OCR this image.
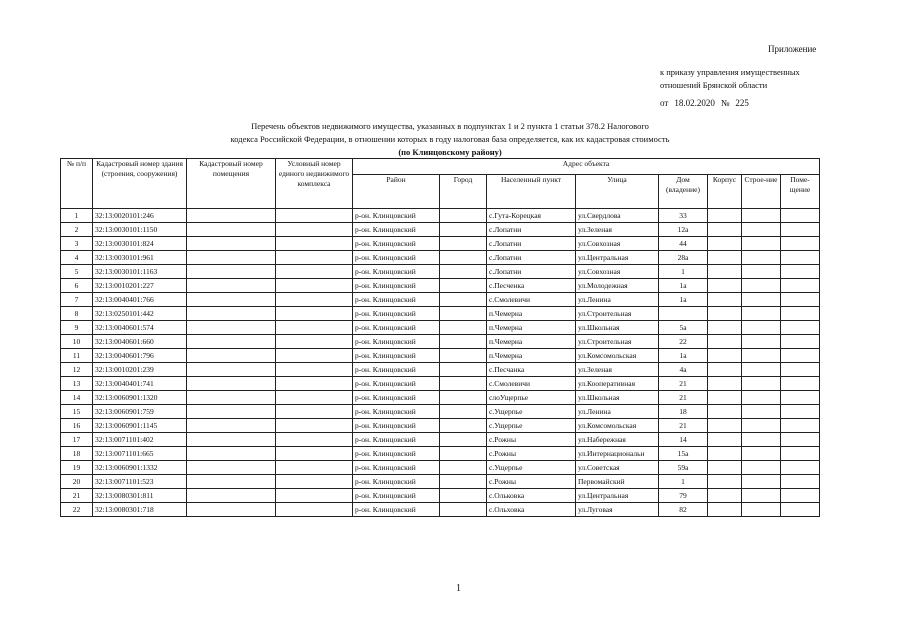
Приложение
к приказу управления имущественных
отношений Брянской области
от 18.02.2020 № 225
Перечень объектов недвижимого имущества, указанных в подпунктах 1 и 2 пункта 1 статьи 378.2 Налогового
кодекса Российской Федерации, в отношении которых в году налоговая база определяется, как их кадастровая стоимость
(по Клинцовскому району)
№ п/п	Кадастровый номер здания (строения, сооружения)	Кадастровый номер помещения	Условный номер единого недвижимого комплекса	Адрес объекта							
				Район	Город	Населенный пункт	Улица	Дом (владение)	Корпус	Строе-ние	Поме-щение
1	32:13:0020101:246			р-он. Клинцовский		с.Гута-Корецкая	ул.Свердлова	33			
2	32:13:0030101:1150			р-он. Клинцовский		с.Лопатни	ул.Зеленая	12а			
3	32:13:0030101:824			р-он. Клинцовский		с.Лопатни	ул.Совхозная	44			
4	32:13:0030101:961			р-он. Клинцовский		с.Лопатни	ул.Центральная	28а			
5	32:13:0030101:1163			р-он. Клинцовский		с.Лопатни	ул.Совхозная	1			
6	32:13:0010201:227			р-он. Клинцовский		с.Песченка	ул.Молодежная	1а			
7	32:13:0040401:766			р-он. Клинцовский		с.Смолевичи	ул.Ленина	1а			
8	32:13:0250101:442			р-он. Клинцовский		п.Чемерна	ул.Строительная				
9	32:13:0040601:574			р-он. Клинцовский		п.Чемерна	ул.Школьная	5а			
10	32:13:0040601:660			р-он. Клинцовский		п.Чемерна	ул.Строительная	22			
11	32:13:0040601:796			р-он. Клинцовский		п.Чемерна	ул.Комсомольская	1а			
12	32:13:0010201:239			р-он. Клинцовский		с.Песчанка	ул.Зеленая	4а			
13	32:13:0040401:741			р-он. Клинцовский		с.Смолевичи	ул.Кооперативная	21			
14	32:13:0060901:1320			р-он. Клинцовский		слоУщерпье	ул.Школьная	21			
15	32:13:0060901:759			р-он. Клинцовский		с.Ущерпье	ул.Ленина	18			
16	32:13:0060901:1145			р-он. Клинцовский		с.Ущерпье	ул.Комсомольская	21			
17	32:13:0071101:402			р-он. Клинцовский		с.Рожны	ул.Набережная	14			
18	32:13:0071101:665			р-он. Клинцовский		с.Рожны	ул.Интернациональн	15а			
19	32:13:0060901:1332			р-он. Клинцовский		с.Ущерпье	ул.Советская	59а			
20	32:13:0071101:523			р-он. Клинцовский		с.Рожны	Первомайский	1			
21	32:13:0080301:811			р-он. Клинцовский		с.Ольковка	ул.Центральная	79			
22	32:13:0080301:718			р-он. Клинцовский		с.Ольховка	ул.Луговая	82			
1
